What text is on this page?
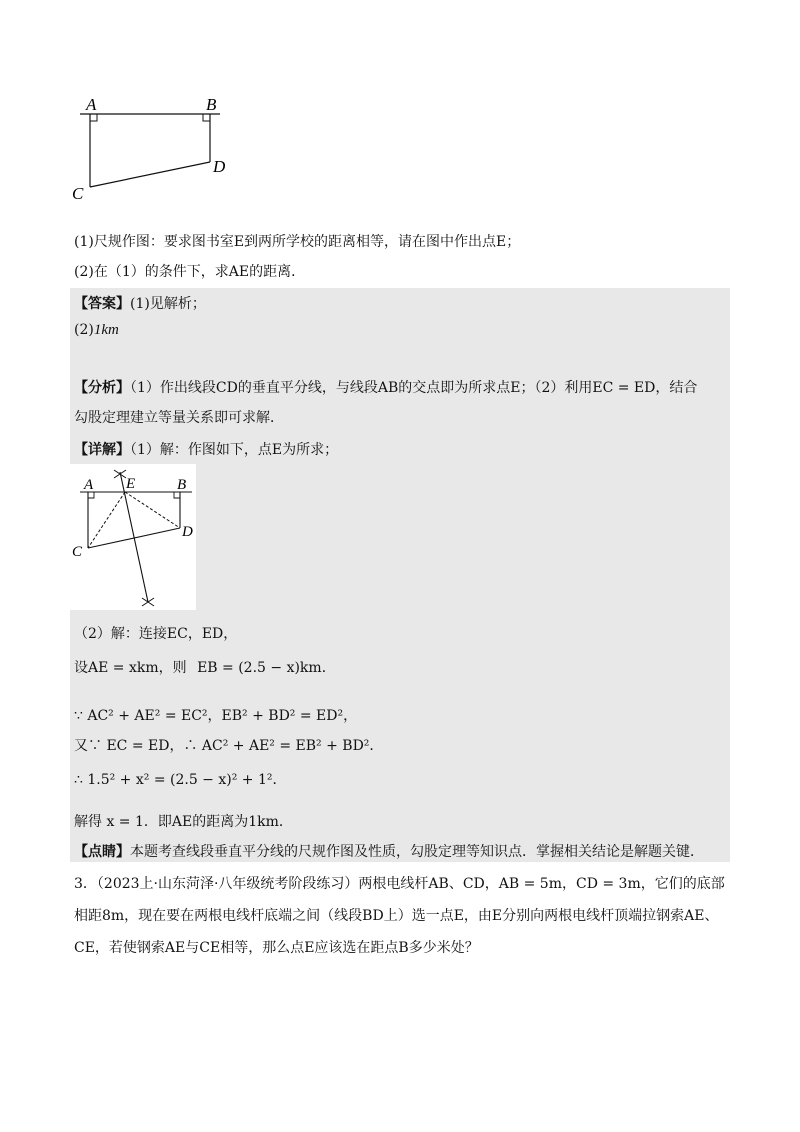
A	B
C
D
(1)尺规作图：要求图书室E到两所学校的距离相等，请在图中作出点E；
(2)在（1）的条件下，求AE的距离．
【答案】(1)见解析；
(2)1km
【分析】（1）作出线段CD的垂直平分线，与线段AB的交点即为所求点E；（2）利用EC = ED，结合
勾股定理建立等量关系即可求解．
【详解】（1）解：作图如下，点E为所求；
A E	B
C
D
（2）解：连接EC，ED，
设AE = xkm，则 EB = (2.5 − x)km．
∵ AC² + AE² = EC²，EB² + BD² = ED²，
又∵ EC = ED，∴ AC² + AE² = EB² + BD²．
∴ 1.5² + x² = (2.5 − x)² + 1²．
解得 x = 1．即AE的距离为1km．
【点睛】本题考查线段垂直平分线的尺规作图及性质，勾股定理等知识点．掌握相关结论是解题关键．
3．（2023上·山东菏泽·八年级统考阶段练习）两根电线杆AB、CD，AB = 5m，CD = 3m，它们的底部
相距8m，现在要在两根电线杆底端之间（线段BD上）选一点E，由E分别向两根电线杆顶端拉钢索AE、
CE，若使钢索AE与CE相等，那么点E应该选在距点B多少米处？
